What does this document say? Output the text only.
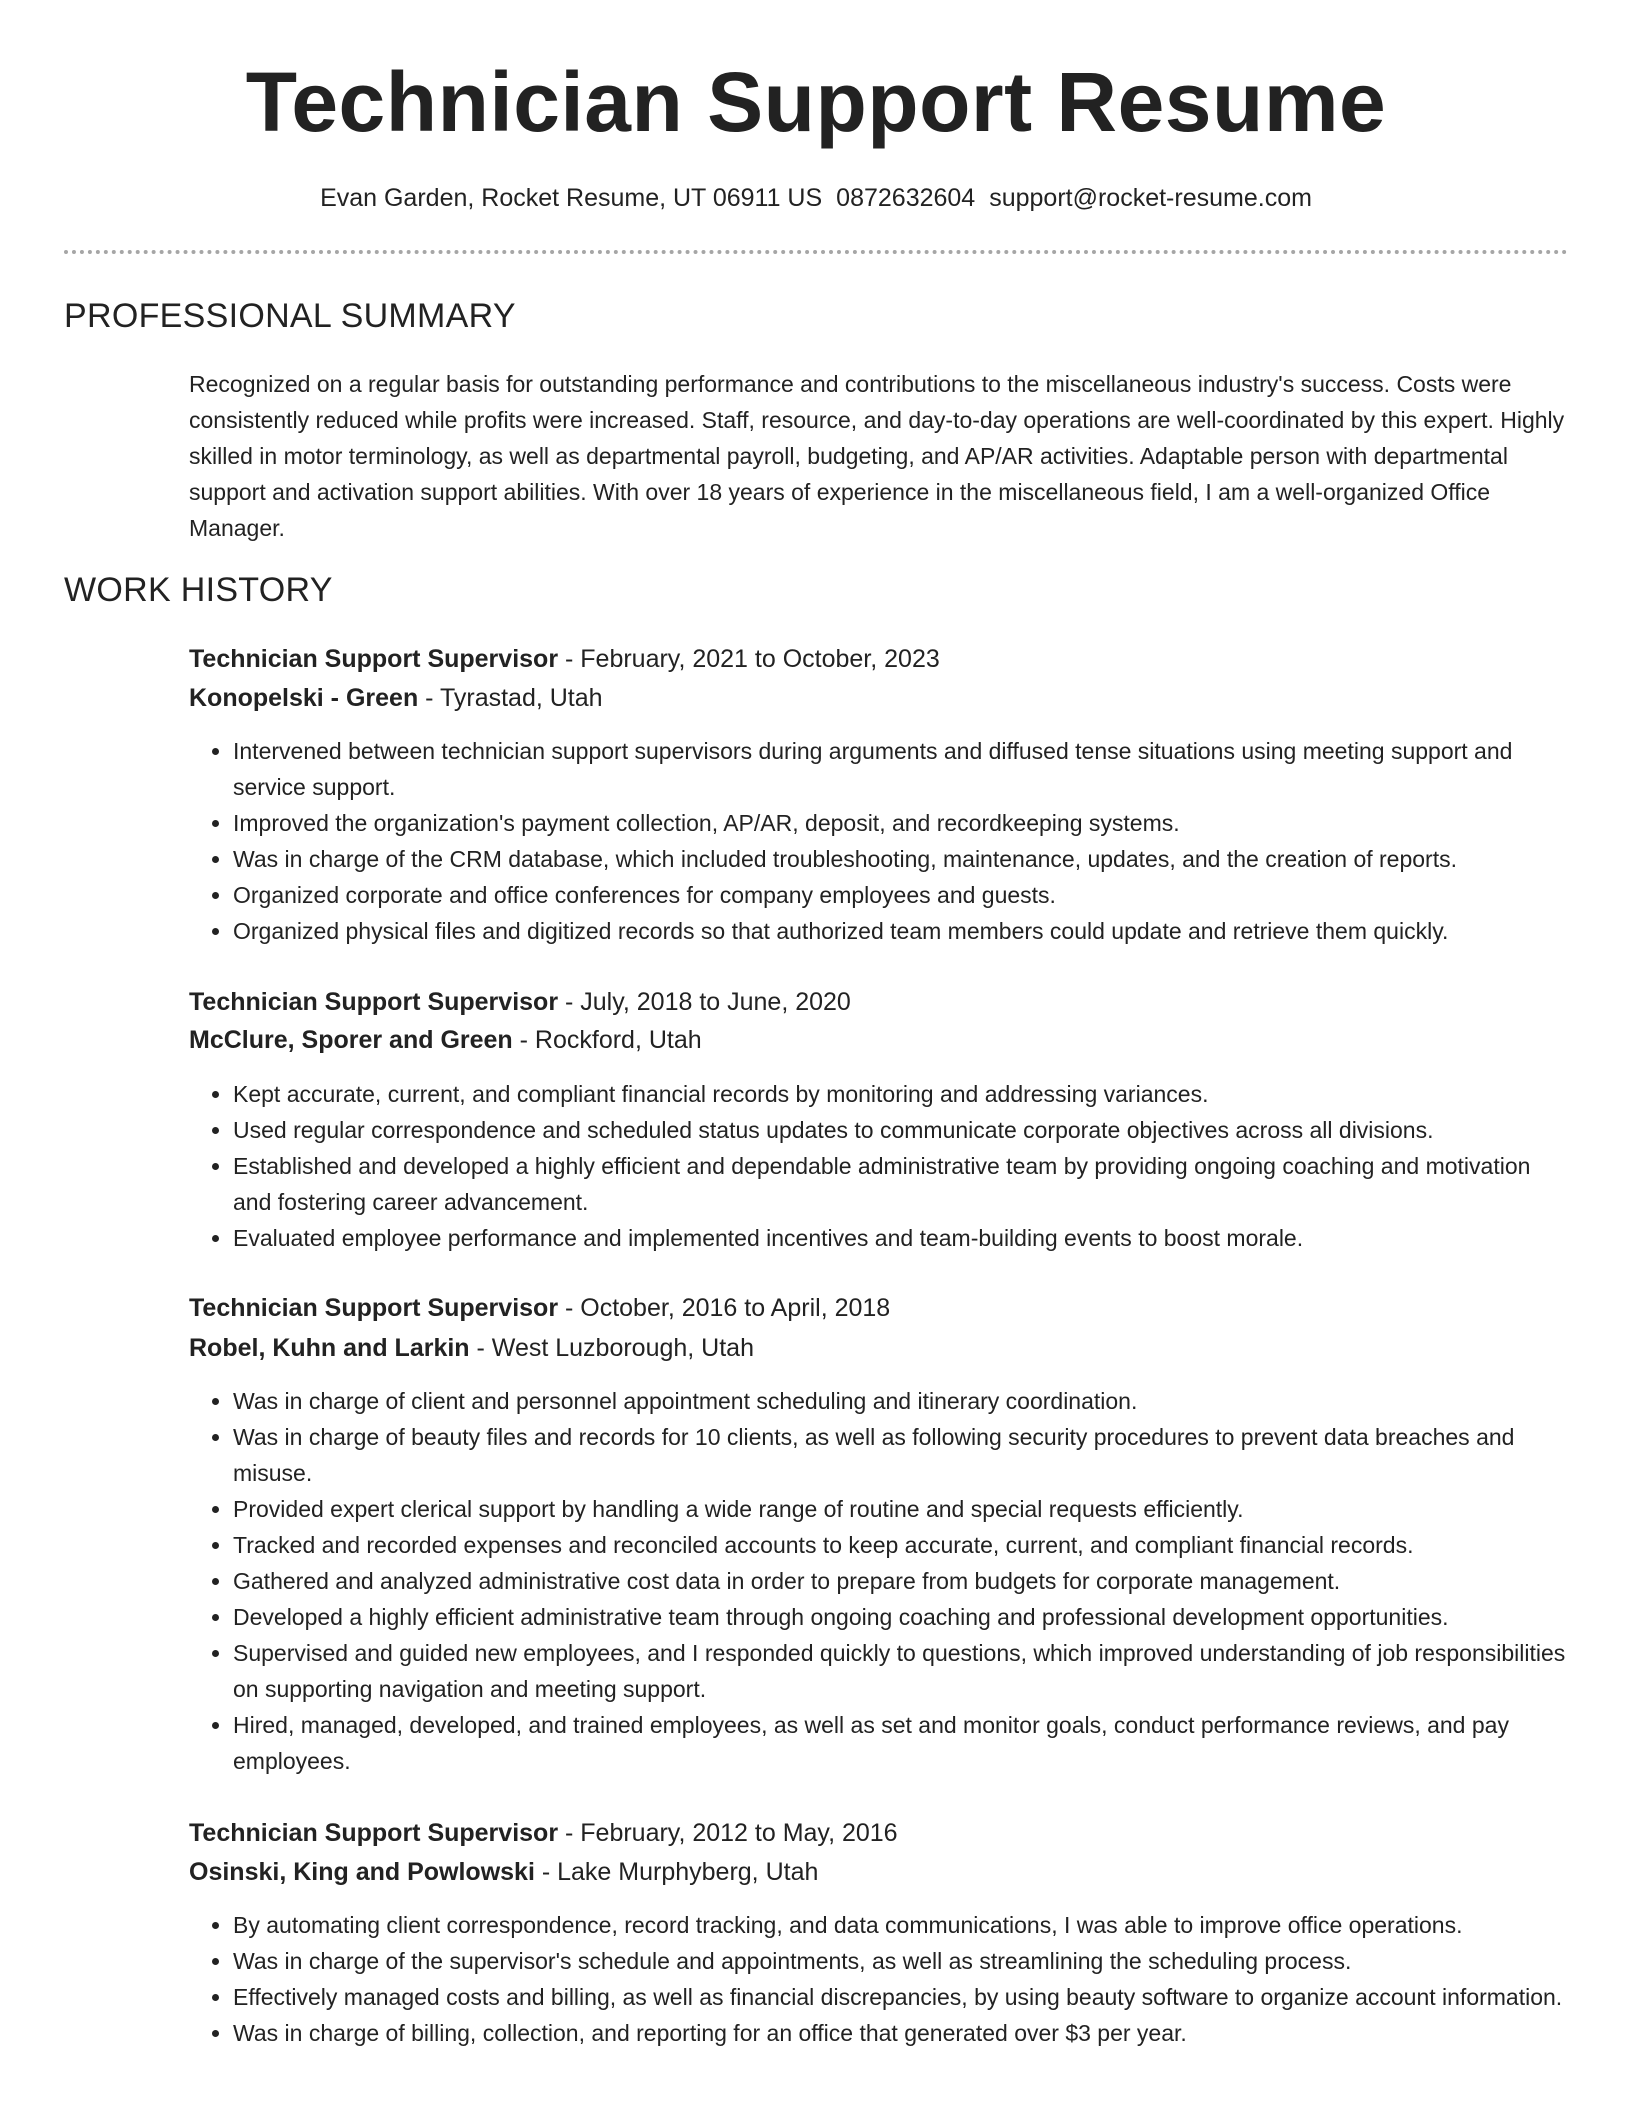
Technician Support Resume
Evan Garden, Rocket Resume, UT 06911 US 0872632604 support@rocket-resume.com
PROFESSIONAL SUMMARY

Recognized on a regular basis for outstanding performance and contributions to the miscellaneous industry's success. Costs were consistently reduced while profits were increased. Staff, resource, and day-to-day operations are well-coordinated by this expert. Highly skilled in motor terminology, as well as departmental payroll, budgeting, and AP/AR activities. Adaptable person with departmental support and activation support abilities. With over 18 years of experience in the miscellaneous field, I am a well-organized Office Manager.

WORK HISTORY
Technician Support Supervisor - February, 2021 to October, 2023
Konopelski - Green - Tyrastad, Utah
• Intervened between technician support supervisors during arguments and diffused tense situations using meeting support and service support.
• Improved the organization's payment collection, AP/AR, deposit, and recordkeeping systems.
• Was in charge of the CRM database, which included troubleshooting, maintenance, updates, and the creation of reports.
• Organized corporate and office conferences for company employees and guests.
• Organized physical files and digitized records so that authorized team members could update and retrieve them quickly.
Technician Support Supervisor - July, 2018 to June, 2020
McClure, Sporer and Green - Rockford, Utah
• Kept accurate, current, and compliant financial records by monitoring and addressing variances.
• Used regular correspondence and scheduled status updates to communicate corporate objectives across all divisions.
• Established and developed a highly efficient and dependable administrative team by providing ongoing coaching and motivation and fostering career advancement.
• Evaluated employee performance and implemented incentives and team-building events to boost morale.
Technician Support Supervisor - October, 2016 to April, 2018
Robel, Kuhn and Larkin - West Luzborough, Utah
• Was in charge of client and personnel appointment scheduling and itinerary coordination.
• Was in charge of beauty files and records for 10 clients, as well as following security procedures to prevent data breaches and misuse.
• Provided expert clerical support by handling a wide range of routine and special requests efficiently.
• Tracked and recorded expenses and reconciled accounts to keep accurate, current, and compliant financial records.
• Gathered and analyzed administrative cost data in order to prepare from budgets for corporate management.
• Developed a highly efficient administrative team through ongoing coaching and professional development opportunities.
• Supervised and guided new employees, and I responded quickly to questions, which improved understanding of job responsibilities on supporting navigation and meeting support.
• Hired, managed, developed, and trained employees, as well as set and monitor goals, conduct performance reviews, and pay employees.
Technician Support Supervisor - February, 2012 to May, 2016
Osinski, King and Powlowski - Lake Murphyberg, Utah
• By automating client correspondence, record tracking, and data communications, I was able to improve office operations.
• Was in charge of the supervisor's schedule and appointments, as well as streamlining the scheduling process.
• Effectively managed costs and billing, as well as financial discrepancies, by using beauty software to organize account information.
• Was in charge of billing, collection, and reporting for an office that generated over $3 per year.
